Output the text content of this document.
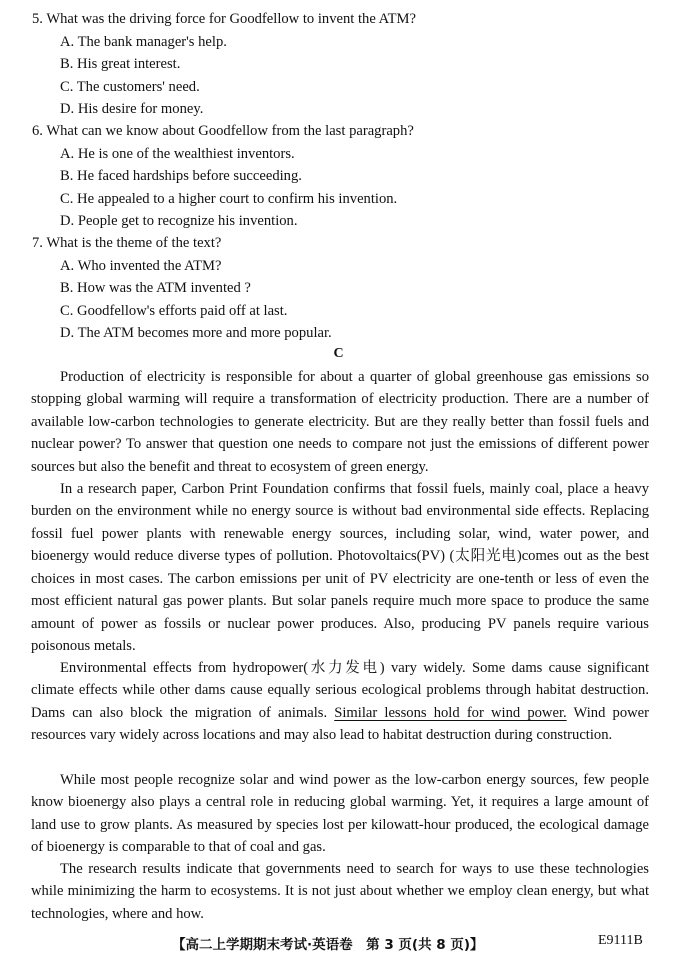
5. What was the driving force for Goodfellow to invent the ATM?
A. The bank manager's help.
B. His great interest.
C. The customers' need.
D. His desire for money.
6. What can we know about Goodfellow from the last paragraph?
A. He is one of the wealthiest inventors.
B. He faced hardships before succeeding.
C. He appealed to a higher court to confirm his invention.
D. People get to recognize his invention.
7. What is the theme of the text?
A. Who invented the ATM?
B. How was the ATM invented ?
C. Goodfellow's efforts paid off at last.
D. The ATM becomes more and more popular.
C

Production of electricity is responsible for about a quarter of global greenhouse gas emissions so stopping global warming will require a transformation of electricity production. There are a number of available low-carbon technologies to generate electricity. But are they really better than fossil fuels and nuclear power? To answer that question one needs to compare not just the emissions of different power sources but also the benefit and threat to ecosystem of green energy.

In a research paper, Carbon Print Foundation confirms that fossil fuels, mainly coal, place a heavy burden on the environment while no energy source is without bad environmental side effects. Replacing fossil fuel power plants with renewable energy sources, including solar, wind, water power, and bioenergy would reduce diverse types of pollution. Photovoltaics(PV) (太阳光电)comes out as the best choices in most cases. The carbon emissions per unit of PV electricity are one-tenth or less of even the most efficient natural gas power plants. But solar panels require much more space to produce the same amount of power as fossils or nuclear power produces. Also, producing PV panels require various poisonous metals.

Environmental effects from hydropower(水力发电) vary widely. Some dams cause significant climate effects while other dams cause equally serious ecological problems through habitat destruction. Dams can also block the migration of animals. Similar lessons hold for wind power. Wind power resources vary widely across locations and may also lead to habitat destruction during construction.

While most people recognize solar and wind power as the low-carbon energy sources, few people know bioenergy also plays a central role in reducing global warming. Yet, it requires a large amount of land use to grow plants. As measured by species lost per kilowatt-hour produced, the ecological damage of bioenergy is comparable to that of coal and gas.

The research results indicate that governments need to search for ways to use these technologies while minimizing the harm to ecosystems. It is not just about whether we employ clean energy, but what technologies, where and how.

【高二上学期期末考试·英语卷　第 3 页(共 8 页)】	E9111B
